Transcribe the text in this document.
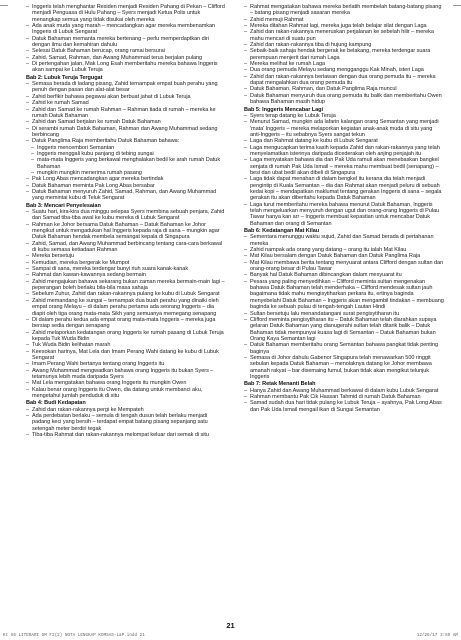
– Inggeris telah menghantar Residen menjadi Residen Pahang di Pekan – Clifford menjadi Penguasa di Hulu Pahang – Syers menjadi Ketua Polis untuk menangkap semua yang tidak disukai oleh mereka

– Ada anak muda yang marah – mencadangkan agar mereka membenamkan Inggeris di Lubuk Sengarat

– Datuk Bahaman memanta mereka bertenang – perlu memperdaptkan diri dengan ilmu dan kemahiran dahulu

– Selesai Datuk Bahaman berucap, orang ramai bersurai

– Zahid, Samad, Rahman, dan Awang Muhammad terus berjalan pulang

– Di pertengahan jalan, Mak Long Esah memberitahu mereka bahawa Inggeris akan sampai ke Lubuk Teruja

Bab 2: Lubuk Teruja Tergugat

– Semasa berada di ladang pisang, Zahid ternampak empat buah perahu yang penuh dengan pasan dan alat-alat besar

– Zahid berfikir bahawa pegawai akan berbuat jahat di Lubuk Teruja

– Zahid ke rumah Samad

– Zahid dan Samad ke rumah Rahman – Rahman tiada di rumah – mereka ke rumah Datuk Bahaman

– Zahid dan Samad berjalan ke rumah Datuk Bahaman

– Di serambi rumah Datuk Bahaman, Rahman dan Awang Muhammad sedang berbincang

– Datuk Panglima Raja memberitahu Datuk Bahaman bahawa:

– Inggeris mencembori Semantan

– Inggeris menggali kubu panjang di tebing sungai

– mata-mata Inggeris yang berkawal menghalakan bedil ke arah rumah Datuk Bahaman

– mungkin mungkin menerima rumah pasang

– Pak Long Abas mencadangkan agar mereka bertindak

– Datuk Bahaman meminta Pak Long Abas bersabar

– Datuk Bahaman menyuruh Zahid, Samad, Rahman, dan Awang Muhammad yang memintai kubu di Teluk Sengarat

Bab 3: Mencari Penyelesaian

– Suatu hari, kira-kira dua minggu selepas Syers membina sebuah penjara, Zahid dan Samad tiba-tiba awal ke kubu mereka di Lubuk Sengarat

– Rahman ke Johor bersama Datuk Bahaman – Datuk Bahaman ke Johor mengikut untuk mengadukan hal Inggeris kepada raja di sana – mungkin agar Datuk Bahaman hendak membela semangat kepala di Singapura

– Zahid, Samad, dan Awang Muhammad berbincang tentang cara-cara berkawal di kubu semasa ketiadaan Rahman

– Mereka bersetuju

– Kemudian, mereka bergerak ke Mumpot

– Sampai di sana, mereka terdengar bunyi riuh suara kanak-kanak

– Rahmat dan kawan-kawannya sedang bermain

– Zahid mengajukan bahawa sekarang bukan zaman mereka bermain-main lagi – peperangan boleh berlaku bila-bila masa sahaja

– Sebelum Zuhur, Zahid dan rakan-rakannya pulang ke kubu di Lubuk Sengarat

– Zahid memandang ke sungai – ternampak dua buah perahu yang dinaiki oleh empat orang Melayu – di dalam perahu pertama ada seorang Inggeris – dia diapit oleh tiga orang mata-mata Sikh yang semuanya memegang senapang

– Di dalam perahu kedua ada empat orang mata-mata Inggeris – mereka juga bersiap sedia dengan senapang

– Zahid melaporkan kedatangan orang Inggeris ke rumah pasang di Lubuk Teruja kepada Tuk Wuda Bidin

– Tuk Wuda Bidin kelihatan marah

– Keesokan harinya, Mat Lela dan Imam Perang Wahi datang ke kubu di Lubuk Sengarat

– Imam Perang Wahi bertanya tentang orang Inggeris itu

– Awang Muhammad mengwadkan bahawa orang Inggeris itu bukan Syers – tetamunya lebih muda daripada Syers

– Mat Lela mengatakan bahawa orang Inggeris itu mungkin Owen

– Kalau benar orang Inggeris itu Owen, dia datang untuk membanci aku, mengetahui jumlah penduduk di situ

Bab 4: Budi Kedapatan

– Zahid dan rakan-rakannya pergi ke Mempateh

– Ada perdebatan berlaku – semula di tengah dusun telah berlaku menjadi padang keci yang bersih – terdapat empat batang pisang sepanjang satu setengah meter berdiri tegak

– Tiba-tiba Rahmat dan rakan-rakannya melompat keluar dari semak di situ

– Rahmat mengatakan bahawa mereka berlatih membelah batang-batang pisang – batang pisang menjadi sasaran mereka

– Zahid memuji Rahmat

– Mereka ditahan Rahmat lagi, mereka juga telah belajar silat dengan Laga

– Zahid dan rakan-rakannya meneruskan perjalanan ke sebelah hilir – mereka mahu mencari di suatu pun

– Zahid dan rakan-rakannya tiba di hujung kampung

– Sebaik-baik sahaja hendak bergerak ke belakang, mereka terdengar suara perempuan menjerit dari rumah Laga

– Mereka melihat ke rumah Laga

– Dua orang pemuda Melayu sedang mengganggu Kak Minah, isteri Laga

– Zahid dan rakan-rakannya berlawan dengan dua orang pemuda itu – mereka dapat mengalahkan dua orang pemuda itu

– Datuk Bahaman, Rahman, dan Datuk Panglima Raja muncul

– Datuk Bahaman menyuruh dua orang pemuda itu balik dan memberitahu Owen bahawa Bahaman masih hidup

Bab 5: Inggeris Mencabar Lagi

– Syers terap datang ke Lubuk Teruja

– Menurut Samad, mungkin ada lafarin kalangan orang Semantan yang menjadi 'mata' Inggeris – mereka melaporkan kegiatan anak-anak muda di situ yang anti-Inggeris – itu sebabnya Syers sangat tekun

– Laga dan Rahmat datang ke kubu di Lubuk Sengarat

– Laga mengucapkan terima kasih kepada Zahid dan rakan-rakannya yang telah menyelamatkan isterinya daripada dicederakan oleh anjing penjajah itu

– Laga menyatakan bahawa dia dan Pak Uda ramuli akan menebaskan bangkel senjata di rumah Pak Uda Ismail – mereka mahu membuat bedil (senapang) – besi dan ubat bedil akan dibeli di Singapura

– Laga tidak dapat menahan di dalam bengkel itu kerana dia telah menjadi pengintip di Kuala Semantan – dia dan Rahmat akan menjadi peluru di sebuah kedai kopi – mendapatkan maklumat tentang gerakan Inggeris di sana – segala gerakan itu akan diberitahu kepada Datuk Bahaman

– Laga turut memberitahu mereka bahawa menurut Datuk Bahaman, Inggeris telah mengeluarkan menyuruh dengan ugut dan orang-orang Inggeris di Pulau Tawar hanya kan arr – Inggeris membuat kepastian untuk mencabar Datuk Bahaman dan orang di Semantan

Bab 6: Kedatangan Mat Kilau

– Sementara menunggu waktu sujud, Zahid dan Samad berada di pertahanan mereka

– Zahid nampak ada orang yang datang – orang itu ialah Mat Kilau

– Mat Kilau bersalam dengan Datuk Bahaman dan Datuk Panglima Raja

– Mat Kilau membawa berita tentang menyuarat antara Clifford dengan sultan dan orang-orang besar di Pulau Tawar

– Banyak hal Datuk Bahaman dibincangkan dalam mesyuarat itu

– Pesara yang paling menyedihkan – Clifford meminta sultan mengenakan bahawa Datuk Bahaman telah menderhaka – Clifford mendesak sultan jauh bagaimana tidak mahu mengisytiharkan perkara itu, ertinya baginda menyebelahi Datuk Bahaman – Inggeris akan mengambil tindakan – membuang baginda ke sebuah pulau di tengah-tengah Lautan Hindi

– Sultan bersetuju lalu menandatangani surat pengisytiharan itu

– Clifford meminta pengisytiharan itu – Datuk Bahaman telah diarahkan supaya gelaran Datuk Bahaman yang dianugerahi sultan telah ditarik balik – Datuk Bahaman tidak mempunyai kuasa lagi di Semantan – Datuk Bahaman bukan Orang Kaya Semantan lagi

– Datuk Bahaman memberitahu orang Semantan bahawa pangkat tidak penting baginya

– Semasa di Johor dahulu Gabenor Singapura telah menawarkan 500 ringgit sebulan kepada Datuk Bahaman – menolaknya datang ke Johor membawa amanah rakyat – bar disemaing fumul, bukan tidak akan mengikut telunjuk Inggeris

Bab 7: Retak Menanti Belah

– Hanya Zahid dan Awang Muhammad berkawal di dalam kubu Lubuk Sengarat

– Rahman membantu Pak Cik Hassan Tahmid di rumah Datuk Bahaman

– Samad sudah dua hari tidak pulang ke Lubuk Teruja – ayahnya, Pak Long Abas dan Pak Uda Ismail mengail ikan di Sungai Semantan

21
Kt S6 LITERARI SM F2(2) NOTA LENGKAP KOMSAS-LaP.indd 21	12/28/17 3:59 AM
